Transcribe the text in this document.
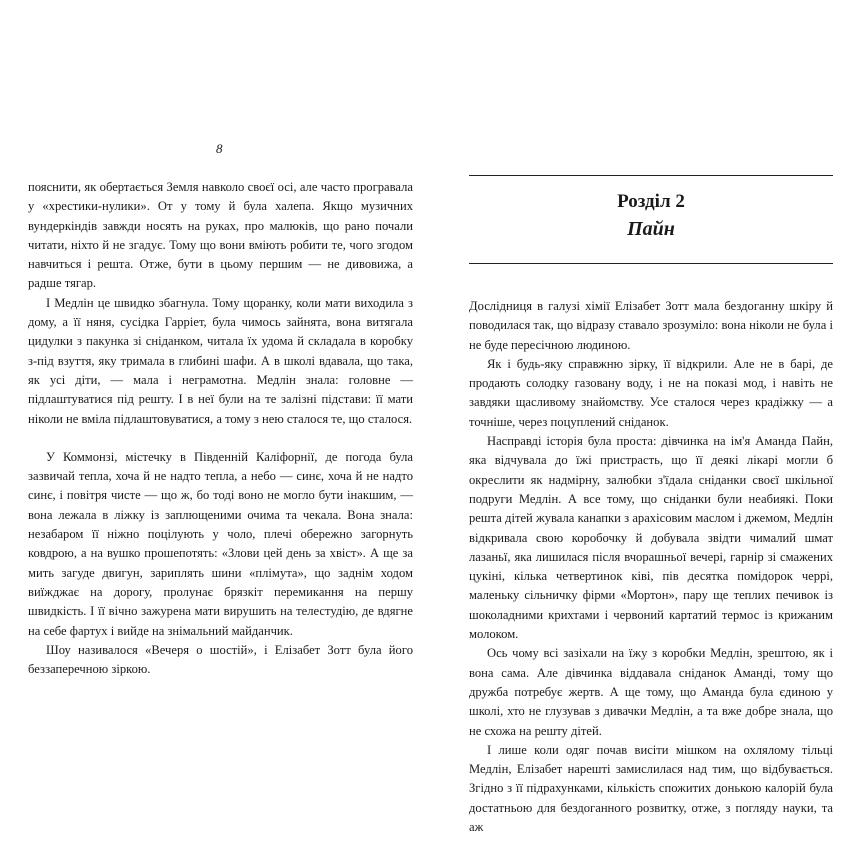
8

пояснити, як обертається Земля навколо своєї осі, але часто програвала у «хрестики-нулики». От у тому й була халепа. Якщо музичних вундеркіндів завжди носять на руках, про малюків, що рано почали читати, ніхто й не згадує. Тому що вони вміють робити те, чого згодом навчиться і решта. Отже, бути в цьому першим — не дивовижа, а радше тягар.

І Медлін це швидко збагнула. Тому щоранку, коли мати виходила з дому, а її няня, сусідка Гарріет, була чимось зайнята, вона витягала цидулки з пакунка зі сніданком, читала їх удома й складала в коробку з-під взуття, яку тримала в глибині шафи. А в школі вдавала, що така, як усі діти, — мала і неграмотна. Медлін знала: головне — підлаштуватися під решту. І в неї були на те залізні підстави: її мати ніколи не вміла підлаштовуватися, а тому з нею сталося те, що сталося.

У Коммонзі, містечку в Південній Каліфорнії, де погода була зазвичай тепла, хоча й не надто тепла, а небо — синє, хоча й не надто синє, і повітря чисте — що ж, бо тоді воно не могло бути інакшим, — вона лежала в ліжку із заплющеними очима та чекала. Вона знала: незабаром її ніжно поцілують у чоло, плечі обережно загорнуть ковдрою, а на вушко прошепотять: «Злови цей день за хвіст». А ще за мить загуде двигун, зариплять шини «плімута», що заднім ходом виїжджає на дорогу, пролунає брязкіт перемикання на першу швидкість. І її вічно зажурена мати вирушить на телестудію, де вдягне на себе фартух і вийде на знімальний майданчик.

Шоу називалося «Вечеря о шостій», і Елізабет Зотт була його беззаперечною зіркою.

Розділ 2
Пайн

Дослідниця в галузі хімії Елізабет Зотт мала бездоганну шкіру й поводилася так, що відразу ставало зрозуміло: вона ніколи не була і не буде пересічною людиною.

Як і будь-яку справжню зірку, її відкрили. Але не в барі, де продають солодку газовану воду, і не на показі мод, і навіть не завдяки щасливому знайомству. Усе сталося через крадіжку — а точніше, через поцуплений сніданок.

Насправді історія була проста: дівчинка на ім'я Аманда Пайн, яка відчувала до їжі пристрасть, що її деякі лікарі могли б окреслити як надмірну, залюбки з'їдала сніданки своєї шкільної подруги Медлін. А все тому, що сніданки були неабиякі. Поки решта дітей жувала канапки з арахісовим маслом і джемом, Медлін відкривала свою коробочку й добувала звідти чималий шмат лазаньї, яка лишилася після вчорашньої вечері, гарнір зі смажених цукіні, кілька четвертинок ківі, пів десятка помідорок черрі, маленьку сільничку фірми «Мортон», пару ще теплих печивок із шоколадними крихтами і червоний картатий термос із крижаним молоком.

Ось чому всі зазіхали на їжу з коробки Медлін, зрештою, як і вона сама. Але дівчинка віддавала сніданок Аманді, тому що дружба потребує жертв. А ще тому, що Аманда була єдиною у школі, хто не глузував з дивачки Медлін, а та вже добре знала, що не схожа на решту дітей.

І лише коли одяг почав висіти мішком на охлялому тільці Медлін, Елізабет нарешті замислилася над тим, що відбувається. Згідно з її підрахунками, кількість спожитих донькою калорій була достатньою для бездоганного розвитку, отже, з погляду науки, та аж
